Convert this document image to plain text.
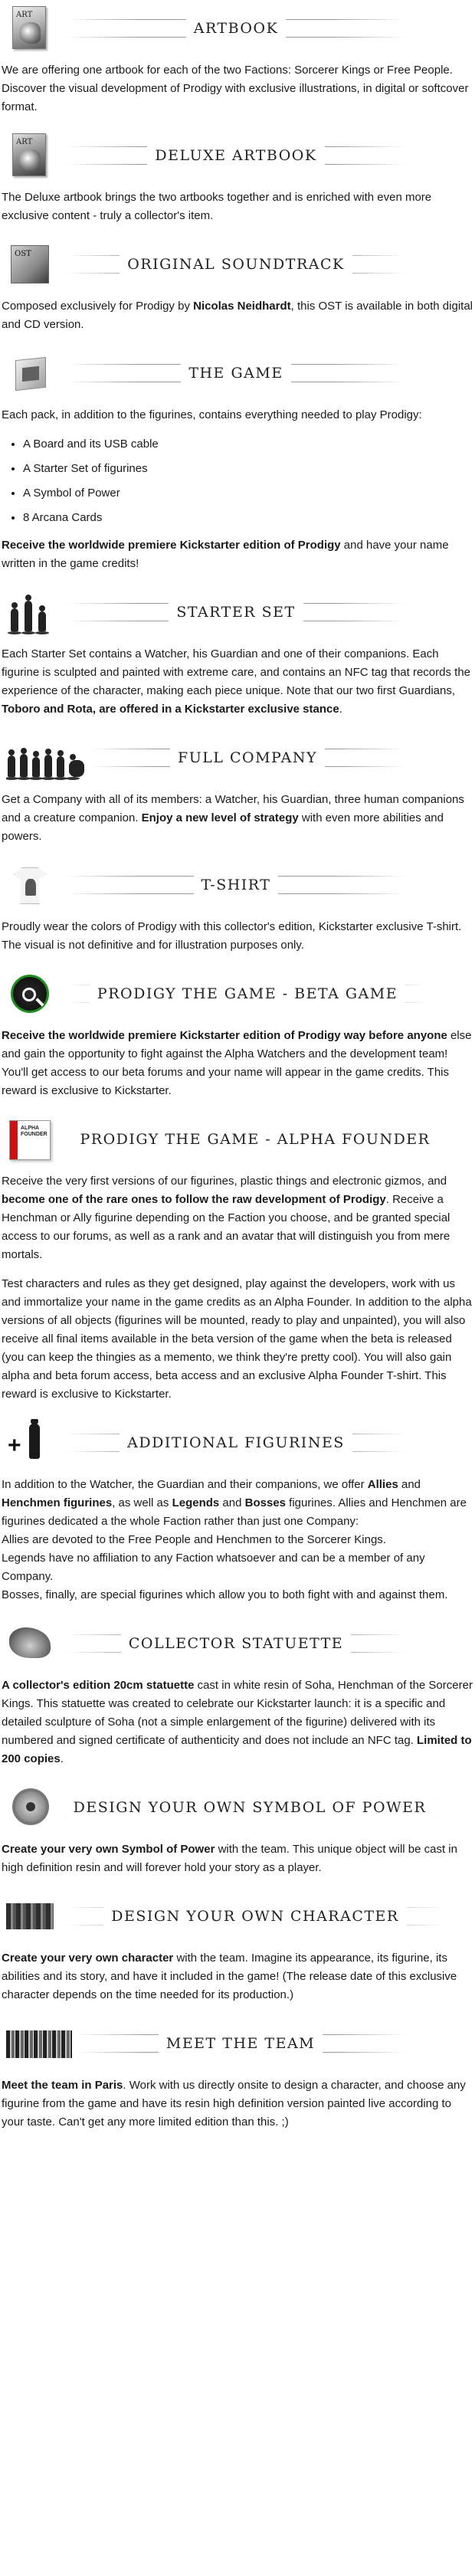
ART
ARTBOOK

We are offering one artbook for each of the two Factions: Sorcerer Kings or Free People. Discover the visual development of Prodigy with exclusive illustrations, in digital or softcover format.

ART
DELUXE ARTBOOK

The Deluxe artbook brings the two artbooks together and is enriched with even more exclusive content - truly a collector's item.

OST
ORIGINAL SOUNDTRACK

Composed exclusively for Prodigy by Nicolas Neidhardt, this OST is available in both digital and CD version.

THE GAME

Each pack, in addition to the figurines, contains everything needed to play Prodigy:

• A Board and its USB cable
• A Starter Set of figurines
• A Symbol of Power
• 8 Arcana Cards

Receive the worldwide premiere Kickstarter edition of Prodigy and have your name written in the game credits!

STARTER SET

Each Starter Set contains a Watcher, his Guardian and one of their companions. Each figurine is sculpted and painted with extreme care, and contains an NFC tag that records the experience of the character, making each piece unique. Note that our two first Guardians, Toboro and Rota, are offered in a Kickstarter exclusive stance.

FULL COMPANY

Get a Company with all of its members: a Watcher, his Guardian, three human companions and a creature companion. Enjoy a new level of strategy with even more abilities and powers.

T-SHIRT

Proudly wear the colors of Prodigy with this collector's edition, Kickstarter exclusive T-shirt.
The visual is not definitive and for illustration purposes only.

PRODIGY THE GAME - BETA GAME

Receive the worldwide premiere Kickstarter edition of Prodigy way before anyone else and gain the opportunity to fight against the Alpha Watchers and the development team! You'll get access to our beta forums and your name will appear in the game credits. This reward is exclusive to Kickstarter.

ALPHA FOUNDER	PRODIGY THE GAME - ALPHA FOUNDER

Receive the very first versions of our figurines, plastic things and electronic gizmos, and become one of the rare ones to follow the raw development of Prodigy. Receive a Henchman or Ally figurine depending on the Faction you choose, and be granted special access to our forums, as well as a rank and an avatar that will distinguish you from mere mortals.

Test characters and rules as they get designed, play against the developers, work with us and immortalize your name in the game credits as an Alpha Founder. In addition to the alpha versions of all objects (figurines will be mounted, ready to play and unpainted), you will also receive all final items available in the beta version of the game when the beta is released (you can keep the thingies as a memento, we think they're pretty cool). You will also gain alpha and beta forum access, beta access and an exclusive Alpha Founder T-shirt. This reward is exclusive to Kickstarter.

+	ADDITIONAL FIGURINES

In addition to the Watcher, the Guardian and their companions, we offer Allies and Henchmen figurines, as well as Legends and Bosses figurines. Allies and Henchmen are figurines dedicated a the whole Faction rather than just one Company:
Allies are devoted to the Free People and Henchmen to the Sorcerer Kings.
Legends have no affiliation to any Faction whatsoever and can be a member of any Company.
Bosses, finally, are special figurines which allow you to both fight with and against them.

COLLECTOR STATUETTE

A collector's edition 20cm statuette cast in white resin of Soha, Henchman of the Sorcerer Kings. This statuette was created to celebrate our Kickstarter launch: it is a specific and detailed sculpture of Soha (not a simple enlargement of the figurine) delivered with its numbered and signed certificate of authenticity and does not include an NFC tag. Limited to 200 copies.

DESIGN YOUR OWN SYMBOL OF POWER

Create your very own Symbol of Power with the team. This unique object will be cast in high definition resin and will forever hold your story as a player.

DESIGN YOUR OWN CHARACTER

Create your very own character with the team. Imagine its appearance, its figurine, its abilities and its story, and have it included in the game! (The release date of this exclusive character depends on the time needed for its production.)

MEET THE TEAM

Meet the team in Paris. Work with us directly onsite to design a character, and choose any figurine from the game and have its resin high definition version painted live according to your taste. Can't get any more limited edition than this. ;)
